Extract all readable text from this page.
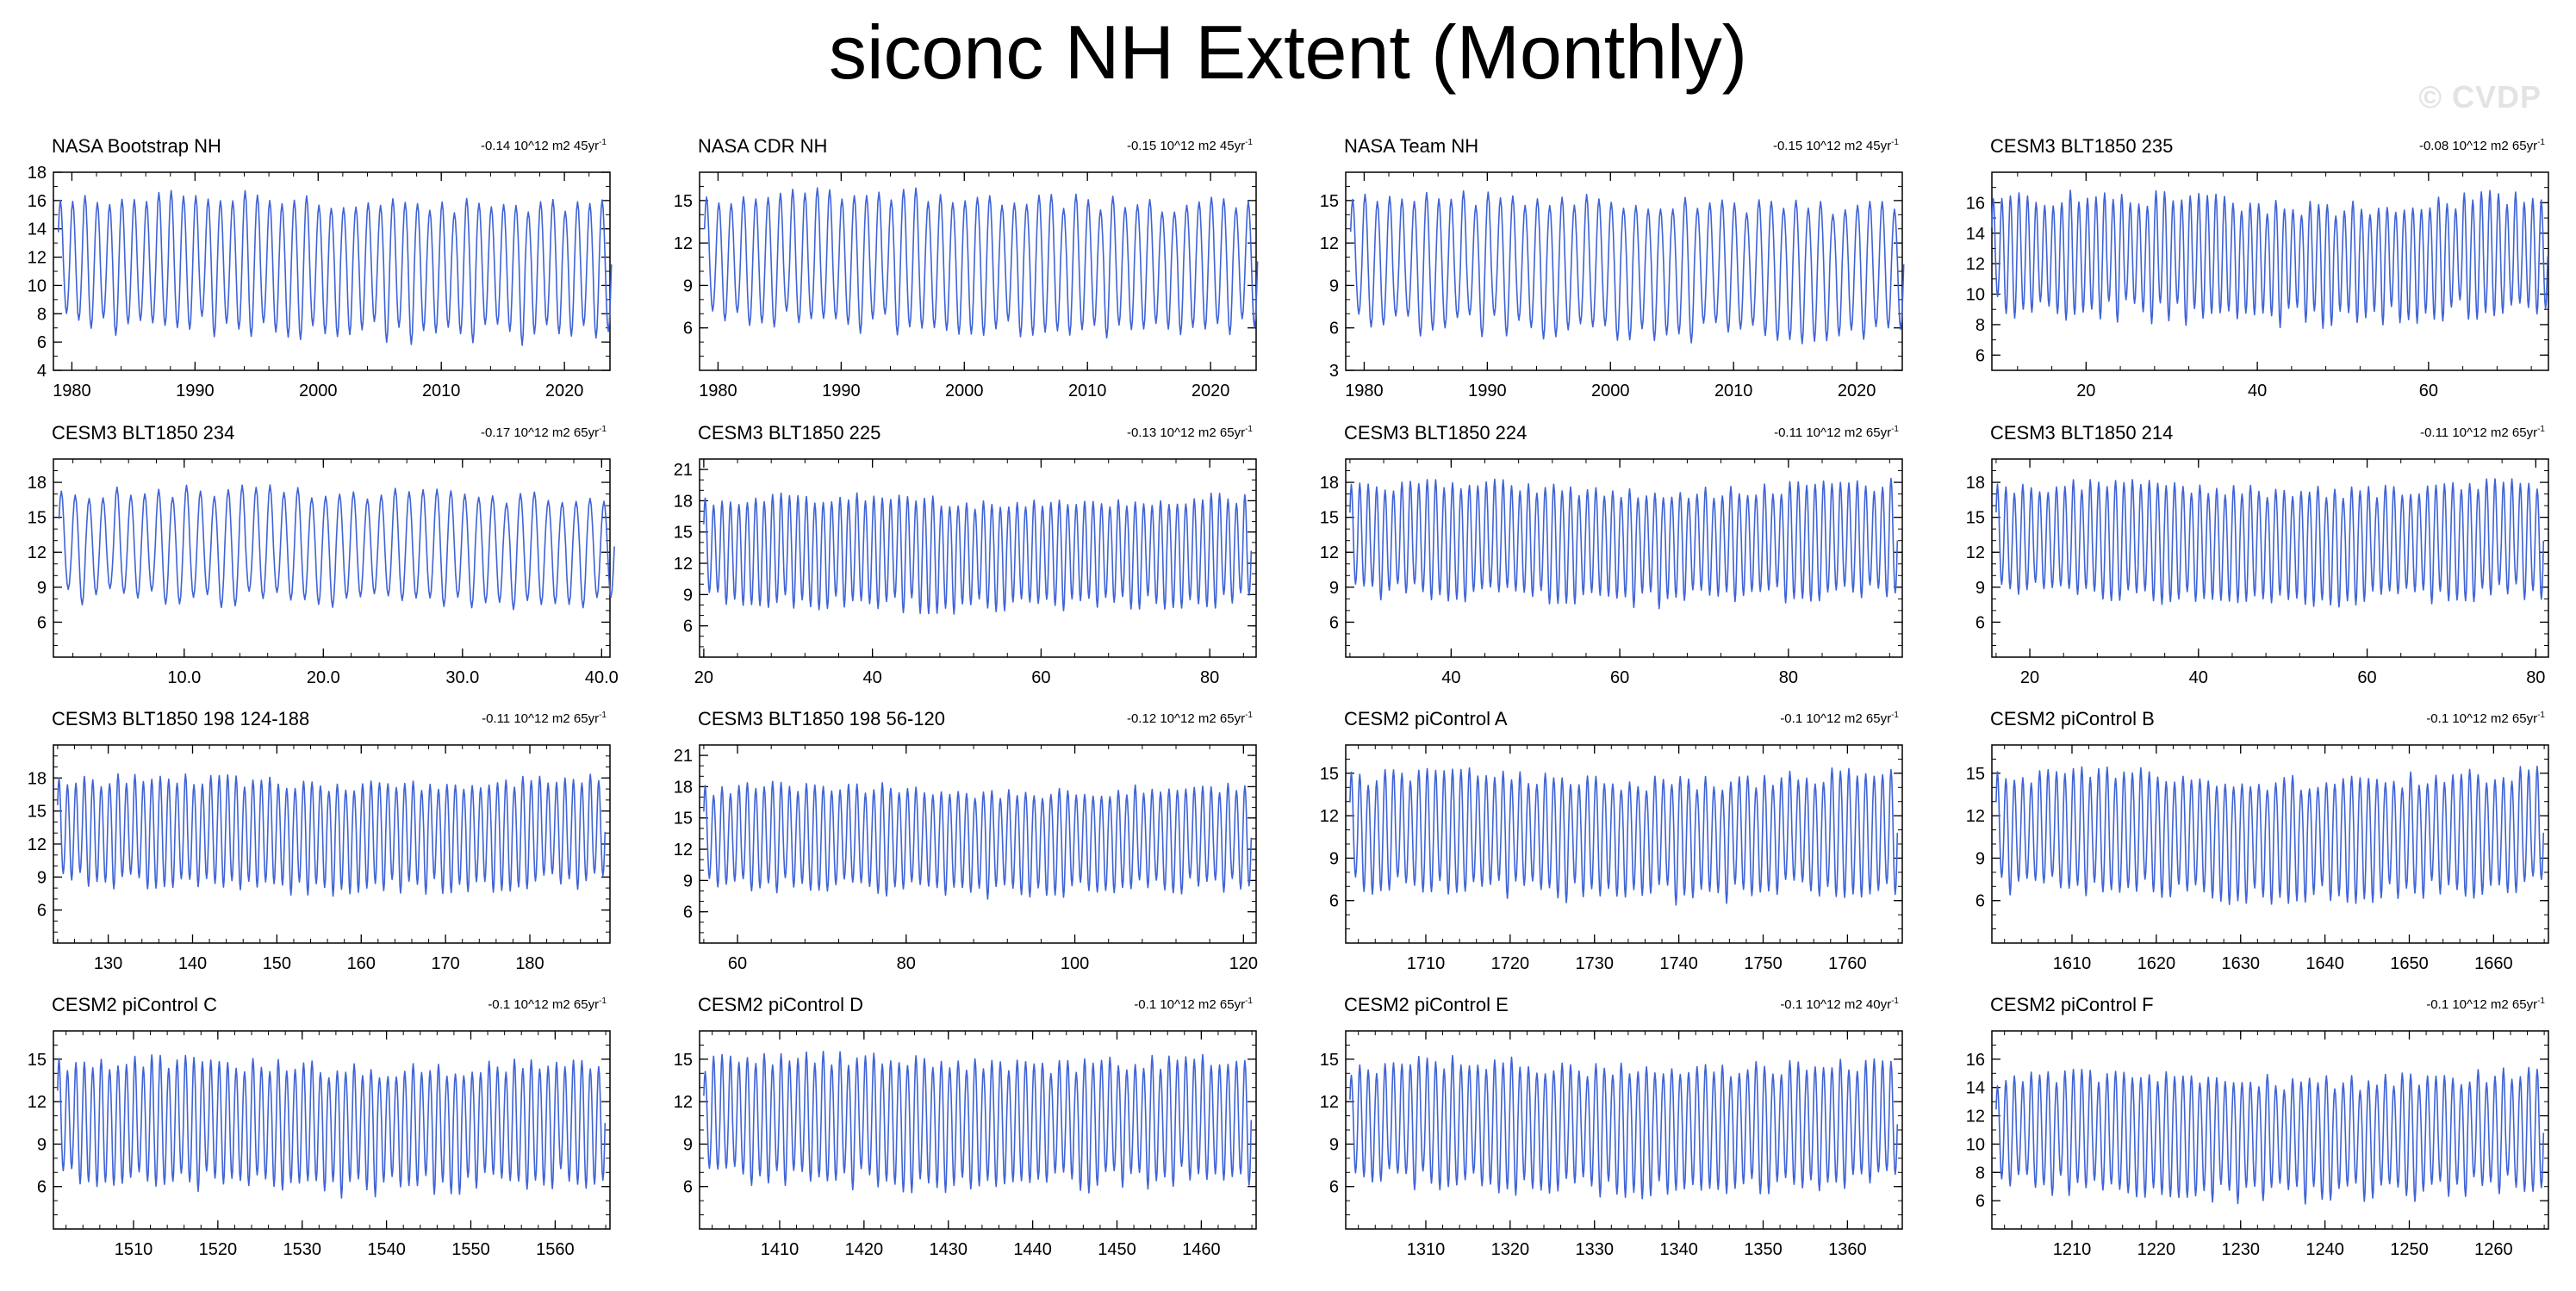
siconc NH Extent (Monthly)
© CVDP
NASA Bootstrap NH	-0.14 10^12 m2 $45yr^{-1}$
4
6
8
10
12
14
16
18
1980	1990	2000	2010	2020
NASA CDR NH	-0.15 10^12 m2 $45yr^{-1}$
6
9
12
15
1980	1990	2000	2010	2020
NASA Team NH	-0.15 10^12 m2 $45yr^{-1}$
3
6
9
12
15
1980	1990	2000	2010	2020
CESM3 BLT1850 235	-0.08 10^12 m2 $65yr^{-1}$
6
8
10
12
14
16
20	40	60
CESM3 BLT1850 234	-0.17 10^12 m2 $65yr^{-1}$
6
9
12
15
18
10.0	20.0	30.0	40.0
CESM3 BLT1850 225	-0.13 10^12 m2 $65yr^{-1}$
6
9
12
15
18
21
20	40	60	80
CESM3 BLT1850 224	-0.11 10^12 m2 $65yr^{-1}$
6
9
12
15
18
40	60	80
CESM3 BLT1850 214	-0.11 10^12 m2 $65yr^{-1}$
6
9
12
15
18
20	40	60	80
CESM3 BLT1850 198 124-188	-0.11 10^12 m2 $65yr^{-1}$
6
9
12
15
18
130	140	150	160	170	180
CESM3 BLT1850 198 56-120	-0.12 10^12 m2 $65yr^{-1}$
6
9
12
15
18
21
60	80	100	120
CESM2 piControl A	-0.1 10^12 m2 $65yr^{-1}$
6
9
12
15
1710	1720	1730	1740	1750	1760
CESM2 piControl B	-0.1 10^12 m2 $65yr^{-1}$
6
9
12
15
1610	1620	1630	1640	1650	1660
CESM2 piControl C	-0.1 10^12 m2 $65yr^{-1}$
6
9
12
15
1510	1520	1530	1540	1550	1560
CESM2 piControl D	-0.1 10^12 m2 $65yr^{-1}$
6
9
12
15
1410	1420	1430	1440	1450	1460
CESM2 piControl E	-0.1 10^12 m2 $40yr^{-1}$
6
9
12
15
1310	1320	1330	1340	1350	1360
CESM2 piControl F	-0.1 10^12 m2 $65yr^{-1}$
6
8
10
12
14
16
1210	1220	1230	1240	1250	1260
